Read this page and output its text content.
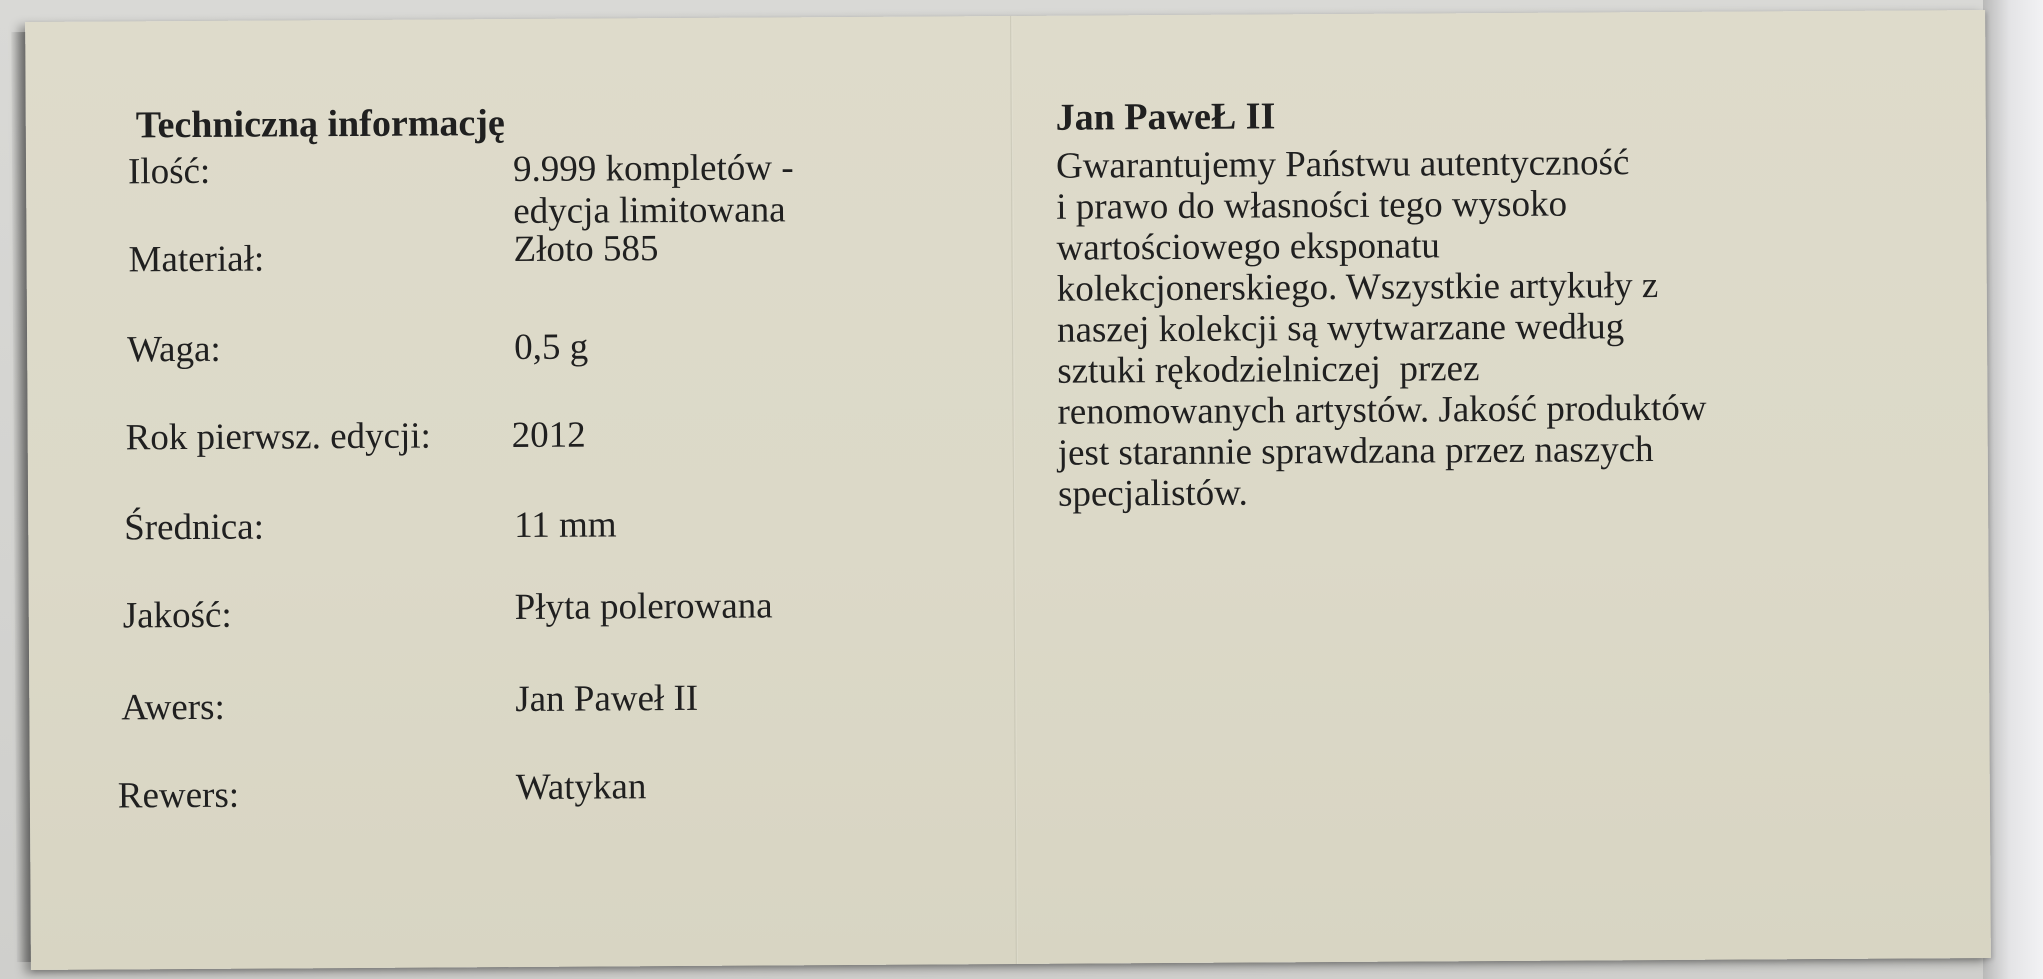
Techniczną informację
Ilość:	9.999 kompletów -
edycja limitowana
Materiał:	Złoto 585
Waga:	0,5 g
Rok pierwsz. edycji: 2012
Średnica:	11 mm
Jakość:	Płyta polerowana
Awers:	Jan Paweł II
Rewers:	Watykan
Jan PaweŁ II
Gwarantujemy Państwu autentyczność
i prawo do własności tego wysoko
wartościowego eksponatu
kolekcjonerskiego. Wszystkie artykuły z
naszej kolekcji są wytwarzane według
sztuki rękodzielniczej  przez
renomowanych artystów. Jakość produktów
jest starannie sprawdzana przez naszych
specjalistów.
